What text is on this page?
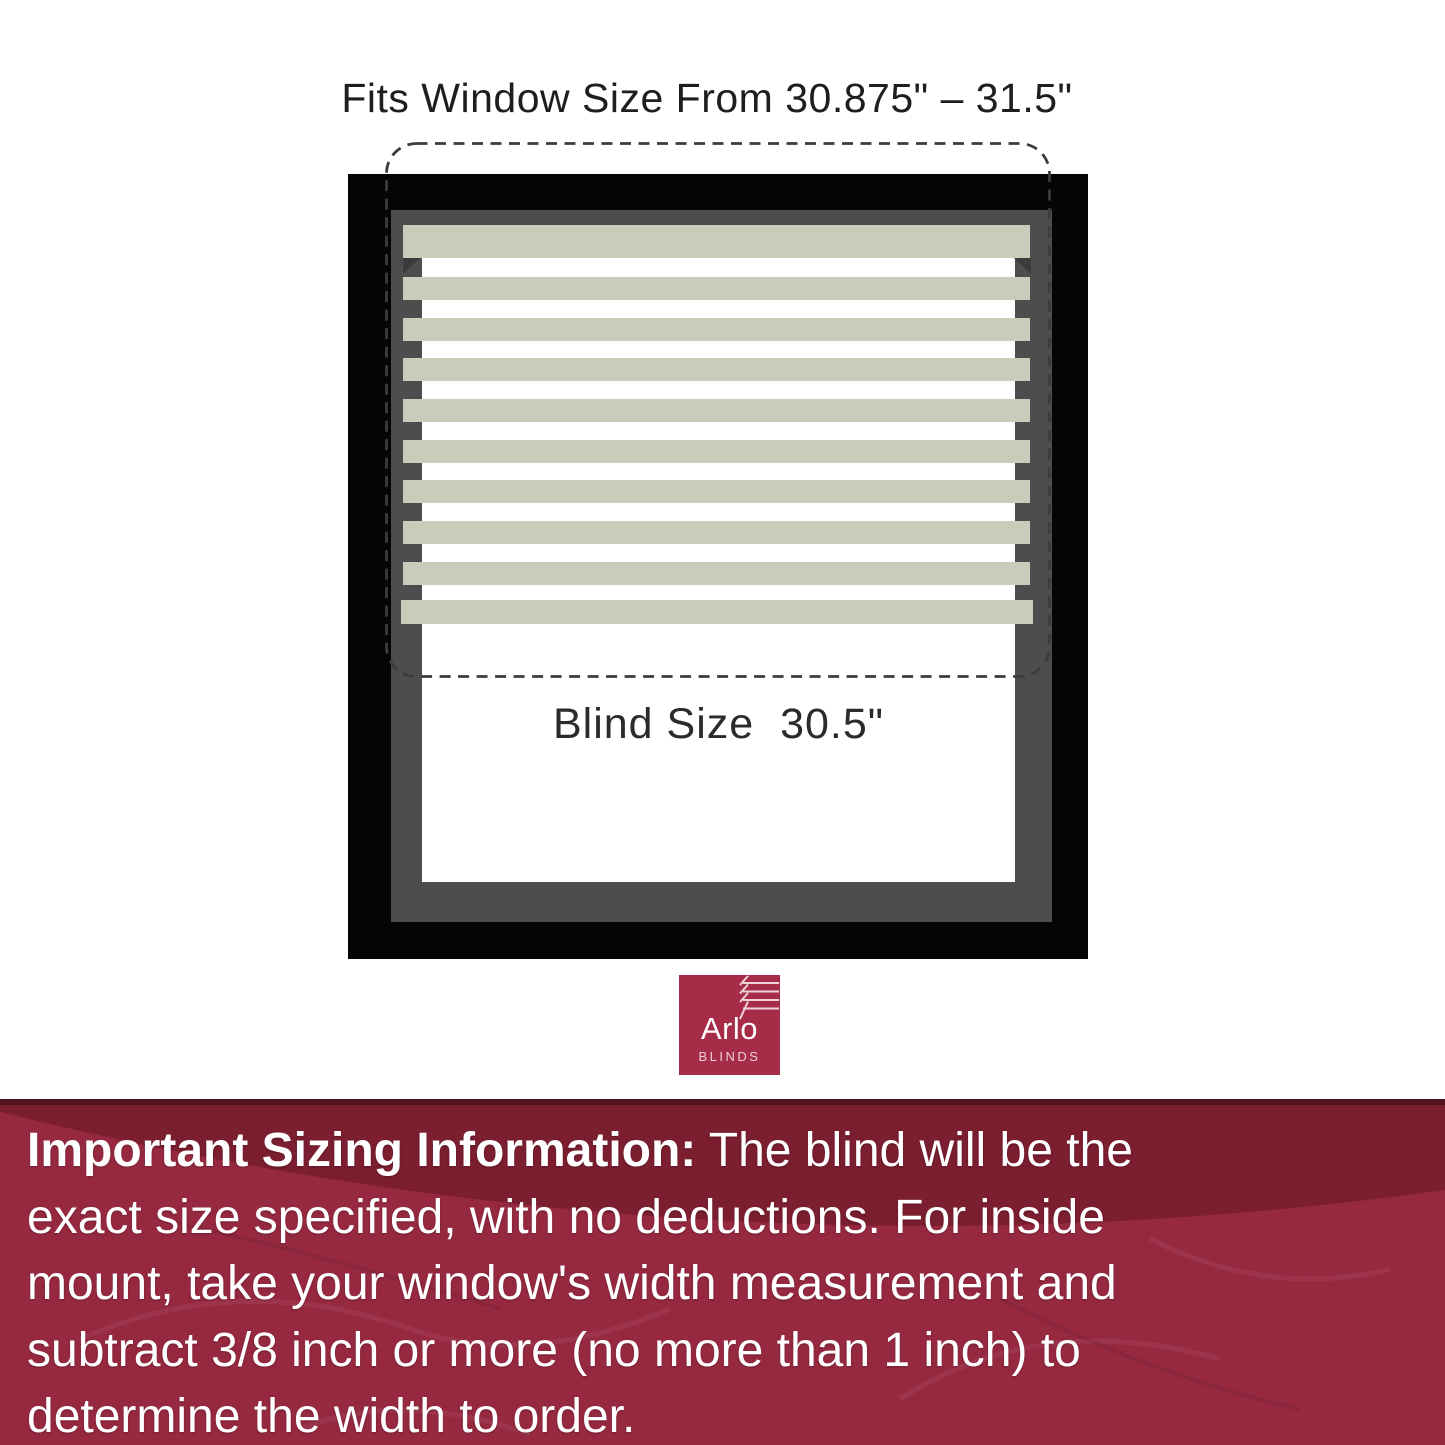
Fits Window Size From 30.875" – 31.5"
Blind Size  30.5"
Arlo
BLINDS
Important Sizing Information: The blind will be the
exact size specified, with no deductions. For inside
mount, take your window's width measurement and
subtract 3/8 inch or more (no more than 1 inch) to
determine the width to order.
